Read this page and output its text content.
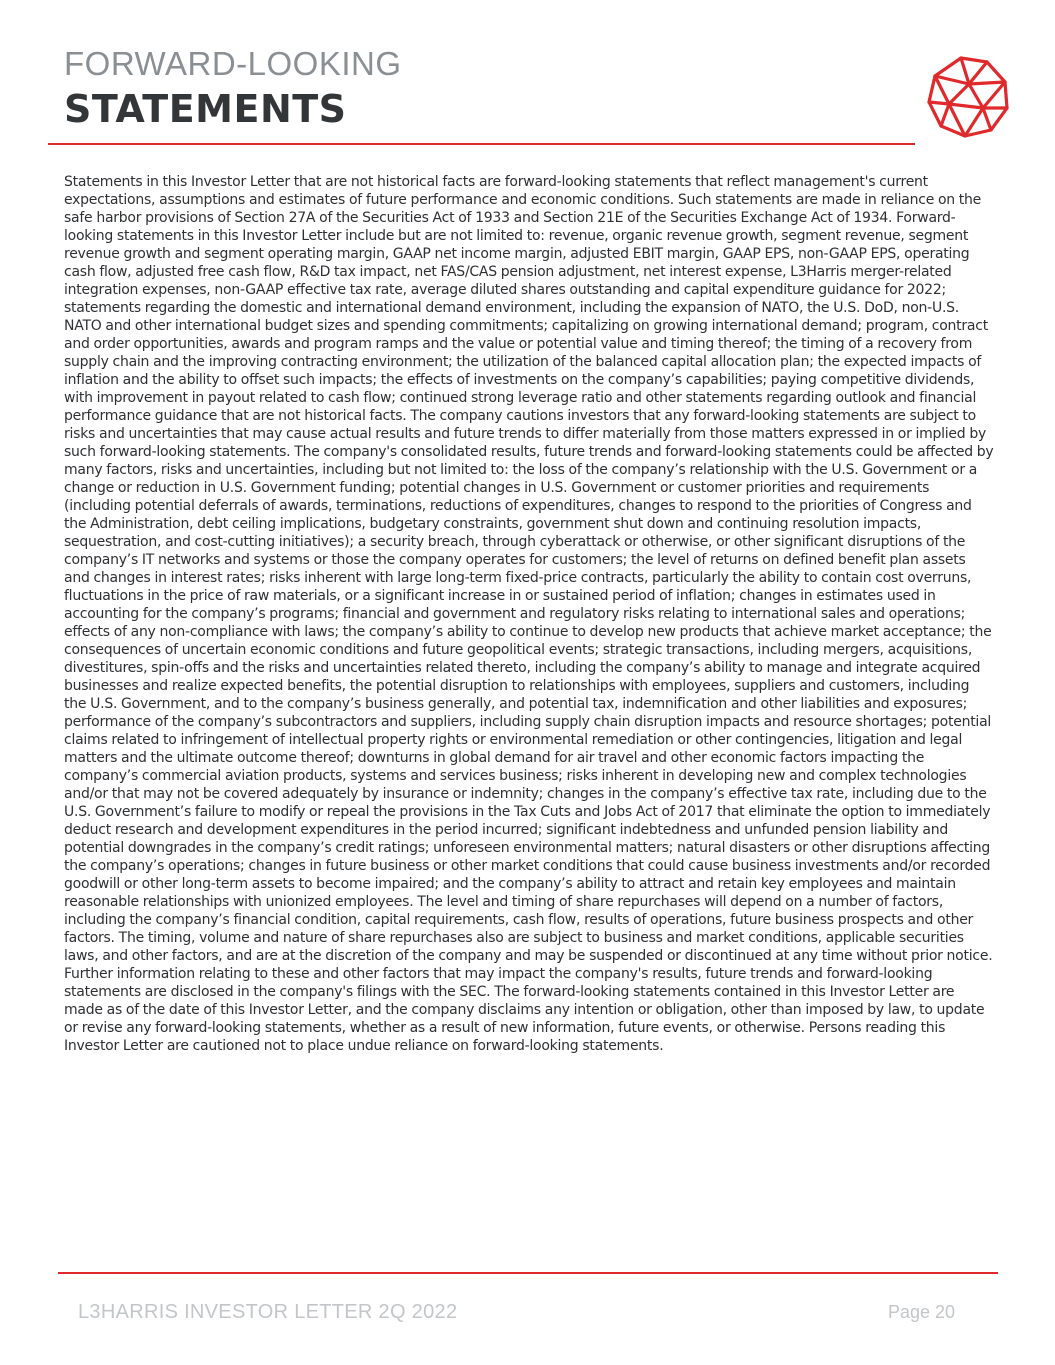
FORWARD-LOOKING
STATEMENTS

Statements in this Investor Letter that are not historical facts are forward-looking statements that reflect management's current expectations, assumptions and estimates of future performance and economic conditions. Such statements are made in reliance on the safe harbor provisions of Section 27A of the Securities Act of 1933 and Section 21E of the Securities Exchange Act of 1934. Forward-looking statements in this Investor Letter include but are not limited to: revenue, organic revenue growth, segment revenue, segment revenue growth and segment operating margin, GAAP net income margin, adjusted EBIT margin, GAAP EPS, non-GAAP EPS, operating cash flow, adjusted free cash flow, R&D tax impact, net FAS/CAS pension adjustment, net interest expense, L3Harris merger-related integration expenses, non-GAAP effective tax rate, average diluted shares outstanding and capital expenditure guidance for 2022; statements regarding the domestic and international demand environment, including the expansion of NATO, the U.S. DoD, non-U.S. NATO and other international budget sizes and spending commitments; capitalizing on growing international demand; program, contract and order opportunities, awards and program ramps and the value or potential value and timing thereof; the timing of a recovery from supply chain and the improving contracting environment; the utilization of the balanced capital allocation plan; the expected impacts of inflation and the ability to offset such impacts; the effects of investments on the company’s capabilities; paying competitive dividends, with improvement in payout related to cash flow; continued strong leverage ratio and other statements regarding outlook and financial performance guidance that are not historical facts. The company cautions investors that any forward-looking statements are subject to risks and uncertainties that may cause actual results and future trends to differ materially from those matters expressed in or implied by such forward-looking statements. The company's consolidated results, future trends and forward-looking statements could be affected by many factors, risks and uncertainties, including but not limited to: the loss of the company’s relationship with the U.S. Government or a change or reduction in U.S. Government funding; potential changes in U.S. Government or customer priorities and requirements (including potential deferrals of awards, terminations, reductions of expenditures, changes to respond to the priorities of Congress and the Administration, debt ceiling implications, budgetary constraints, government shut down and continuing resolution impacts, sequestration, and cost-cutting initiatives); a security breach, through cyberattack or otherwise, or other significant disruptions of the company’s IT networks and systems or those the company operates for customers; the level of returns on defined benefit plan assets and changes in interest rates; risks inherent with large long-term fixed-price contracts, particularly the ability to contain cost overruns, fluctuations in the price of raw materials, or a significant increase in or sustained period of inflation; changes in estimates used in accounting for the company’s programs; financial and government and regulatory risks relating to international sales and operations; effects of any non-compliance with laws; the company’s ability to continue to develop new products that achieve market acceptance; the consequences of uncertain economic conditions and future geopolitical events; strategic transactions, including mergers, acquisitions, divestitures, spin-offs and the risks and uncertainties related thereto, including the company’s ability to manage and integrate acquired businesses and realize expected benefits, the potential disruption to relationships with employees, suppliers and customers, including the U.S. Government, and to the company’s business generally, and potential tax, indemnification and other liabilities and exposures; performance of the company’s subcontractors and suppliers, including supply chain disruption impacts and resource shortages; potential claims related to infringement of intellectual property rights or environmental remediation or other contingencies, litigation and legal matters and the ultimate outcome thereof; downturns in global demand for air travel and other economic factors impacting the company’s commercial aviation products, systems and services business; risks inherent in developing new and complex technologies and/or that may not be covered adequately by insurance or indemnity; changes in the company’s effective tax rate, including due to the U.S. Government’s failure to modify or repeal the provisions in the Tax Cuts and Jobs Act of 2017 that eliminate the option to immediately deduct research and development expenditures in the period incurred; significant indebtedness and unfunded pension liability and potential downgrades in the company’s credit ratings; unforeseen environmental matters; natural disasters or other disruptions affecting the company’s operations; changes in future business or other market conditions that could cause business investments and/or recorded goodwill or other long-term assets to become impaired; and the company’s ability to attract and retain key employees and maintain reasonable relationships with unionized employees. The level and timing of share repurchases will depend on a number of factors, including the company’s financial condition, capital requirements, cash flow, results of operations, future business prospects and other factors. The timing, volume and nature of share repurchases also are subject to business and market conditions, applicable securities laws, and other factors, and are at the discretion of the company and may be suspended or discontinued at any time without prior notice. Further information relating to these and other factors that may impact the company's results, future trends and forward-looking statements are disclosed in the company's filings with the SEC. The forward-looking statements contained in this Investor Letter are made as of the date of this Investor Letter, and the company disclaims any intention or obligation, other than imposed by law, to update or revise any forward-looking statements, whether as a result of new information, future events, or otherwise. Persons reading this Investor Letter are cautioned not to place undue reliance on forward-looking statements.

L3HARRIS INVESTOR LETTER 2Q 2022	Page 20
